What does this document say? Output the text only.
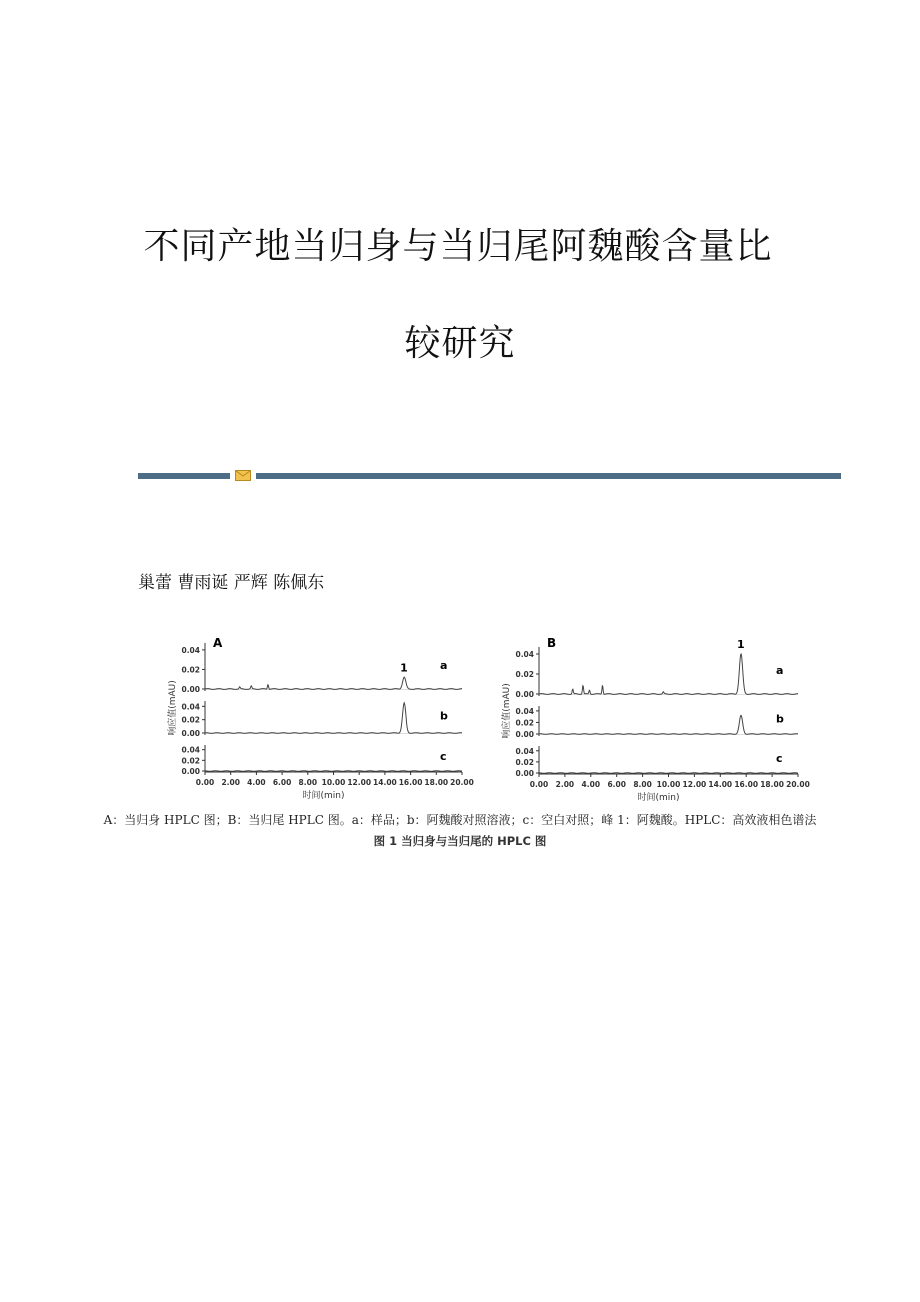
不同产地当归身与当归尾阿魏酸含量比
较研究
巢蕾 曹雨诞 严辉 陈佩东
A
0.00
0.02
0.04
a
1
0.00
0.02
0.04
b
0.00
0.02
0.04
c
0.00 2.00 4.00 6.00 8.00 10.00 12.00 14.00 16.00 18.00 20.00
时间(min)
响应值(mAU)
B
0.00
0.02
0.04
a
1
0.00
0.02
0.04
b
0.00
0.02
0.04
c
0.00 2.00 4.00 6.00 8.00 10.00 12.00 14.00 16.00 18.00 20.00
时间(min)
响应值(mAU)
A：当归身 HPLC 图；B：当归尾 HPLC 图。a：样品；b：阿魏酸对照溶液；c：空白对照；峰 1：阿魏酸。HPLC：高效液相色谱法
图 1 当归身与当归尾的 HPLC 图
